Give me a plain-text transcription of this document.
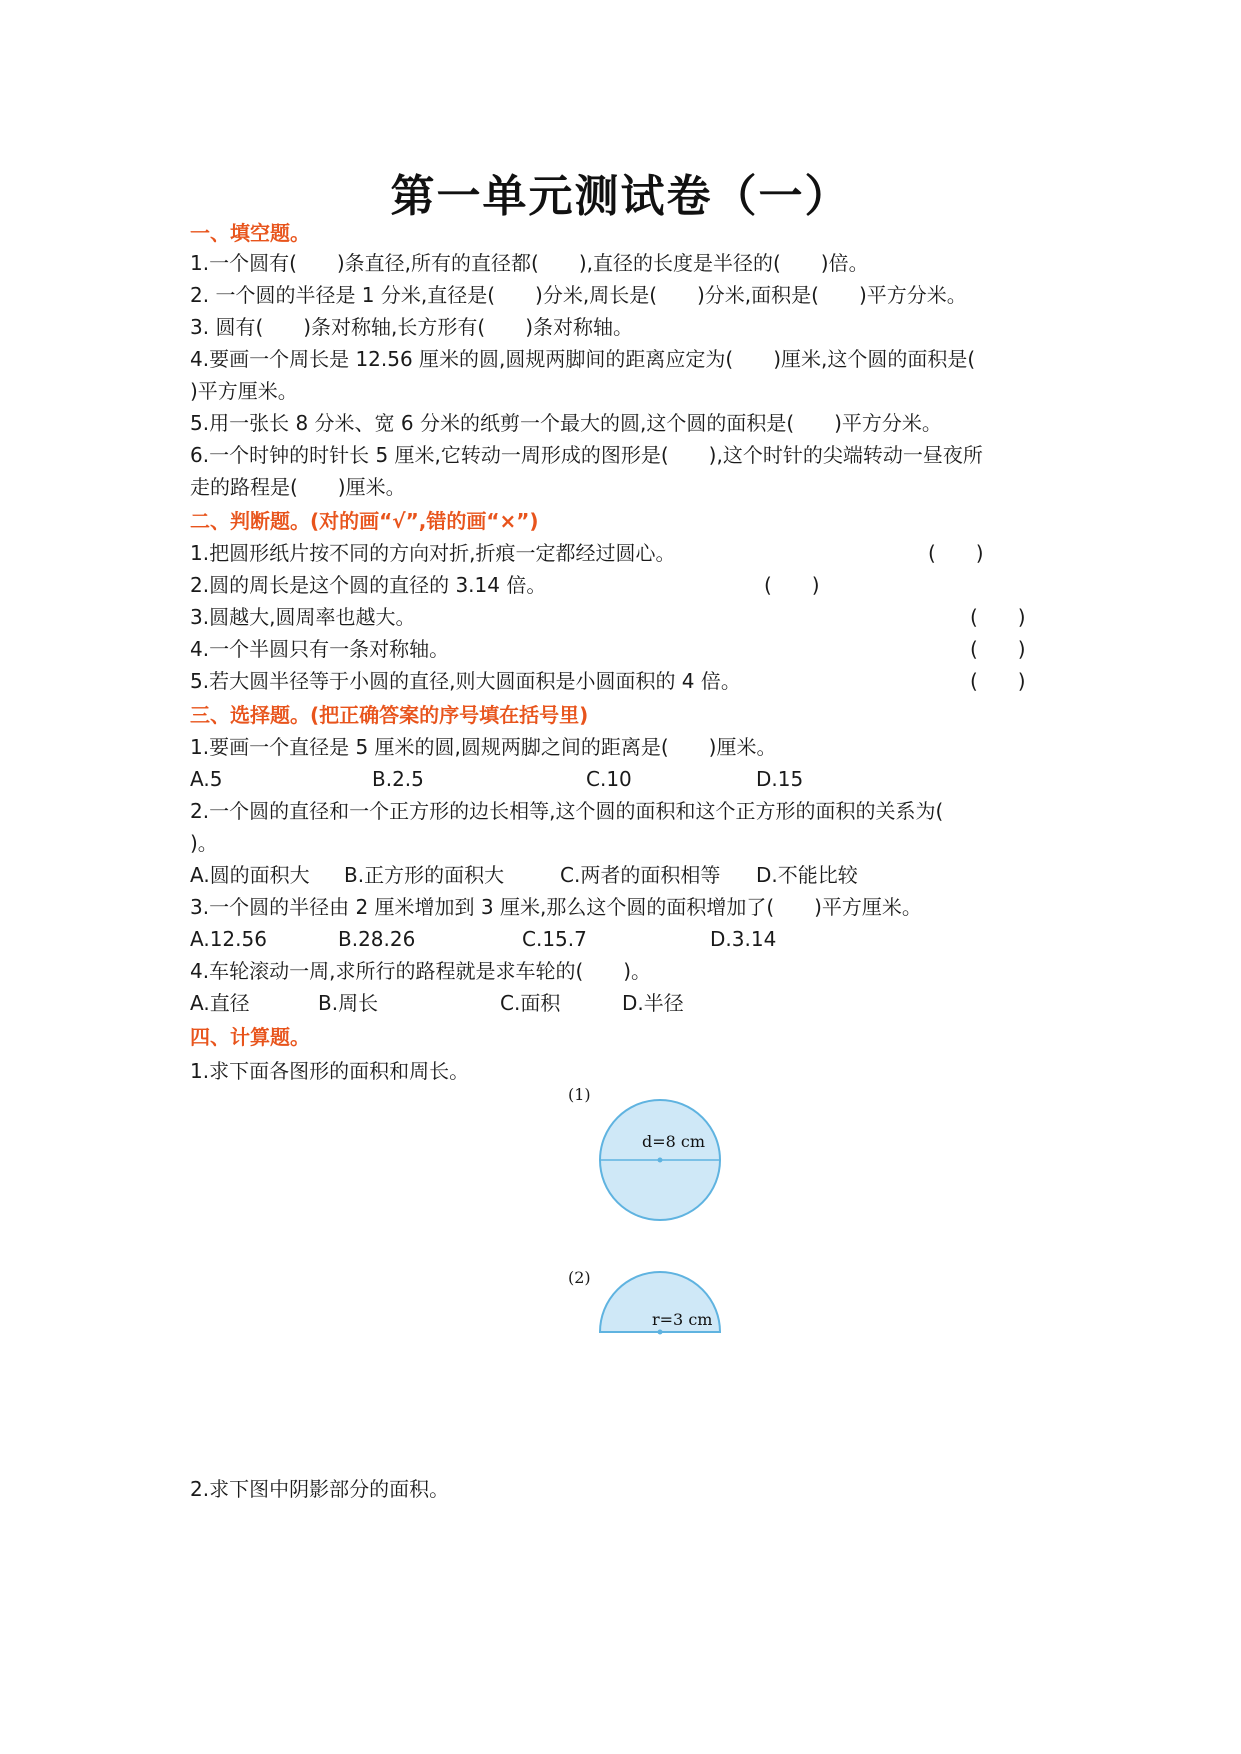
第一单元测试卷（一）
一、填空题。
1.一个圆有(　　)条直径,所有的直径都(　　),直径的长度是半径的(　　)倍。
2. 一个圆的半径是 1 分米,直径是(　　)分米,周长是(　　)分米,面积是(　　)平方分米。
3. 圆有(　　)条对称轴,长方形有(　　)条对称轴。
4.要画一个周长是 12.56 厘米的圆,圆规两脚间的距离应定为(　　)厘米,这个圆的面积是(
)平方厘米。
5.用一张长 8 分米、宽 6 分米的纸剪一个最大的圆,这个圆的面积是(　　)平方分米。
6.一个时钟的时针长 5 厘米,它转动一周形成的图形是(　　),这个时针的尖端转动一昼夜所
走的路程是(　　)厘米。
二、判断题。(对的画“√”,错的画“×”)
1.把圆形纸片按不同的方向对折,折痕一定都经过圆心。	(　　)
2.圆的周长是这个圆的直径的 3.14 倍。	(　　)
3.圆越大,圆周率也越大。	(　　)
4.一个半圆只有一条对称轴。	(　　)
5.若大圆半径等于小圆的直径,则大圆面积是小圆面积的 4 倍。	(　　)
三、选择题。(把正确答案的序号填在括号里)
1.要画一个直径是 5 厘米的圆,圆规两脚之间的距离是(　　)厘米。
A.5	B.2.5	C.10	D.15
2.一个圆的直径和一个正方形的边长相等,这个圆的面积和这个正方形的面积的关系为(
)。
A.圆的面积大 B.正方形的面积大	C.两者的面积相等 D.不能比较
3.一个圆的半径由 2 厘米增加到 3 厘米,那么这个圆的面积增加了(　　)平方厘米。
A.12.56	B.28.26	C.15.7	D.3.14
4.车轮滚动一周,求所行的路程就是求车轮的(　　)。
A.直径	B.周长	C.面积	D.半径
四、计算题。
1.求下面各图形的面积和周长。
(1)
d=8 cm
(2)
r=3 cm
2.求下图中阴影部分的面积。
